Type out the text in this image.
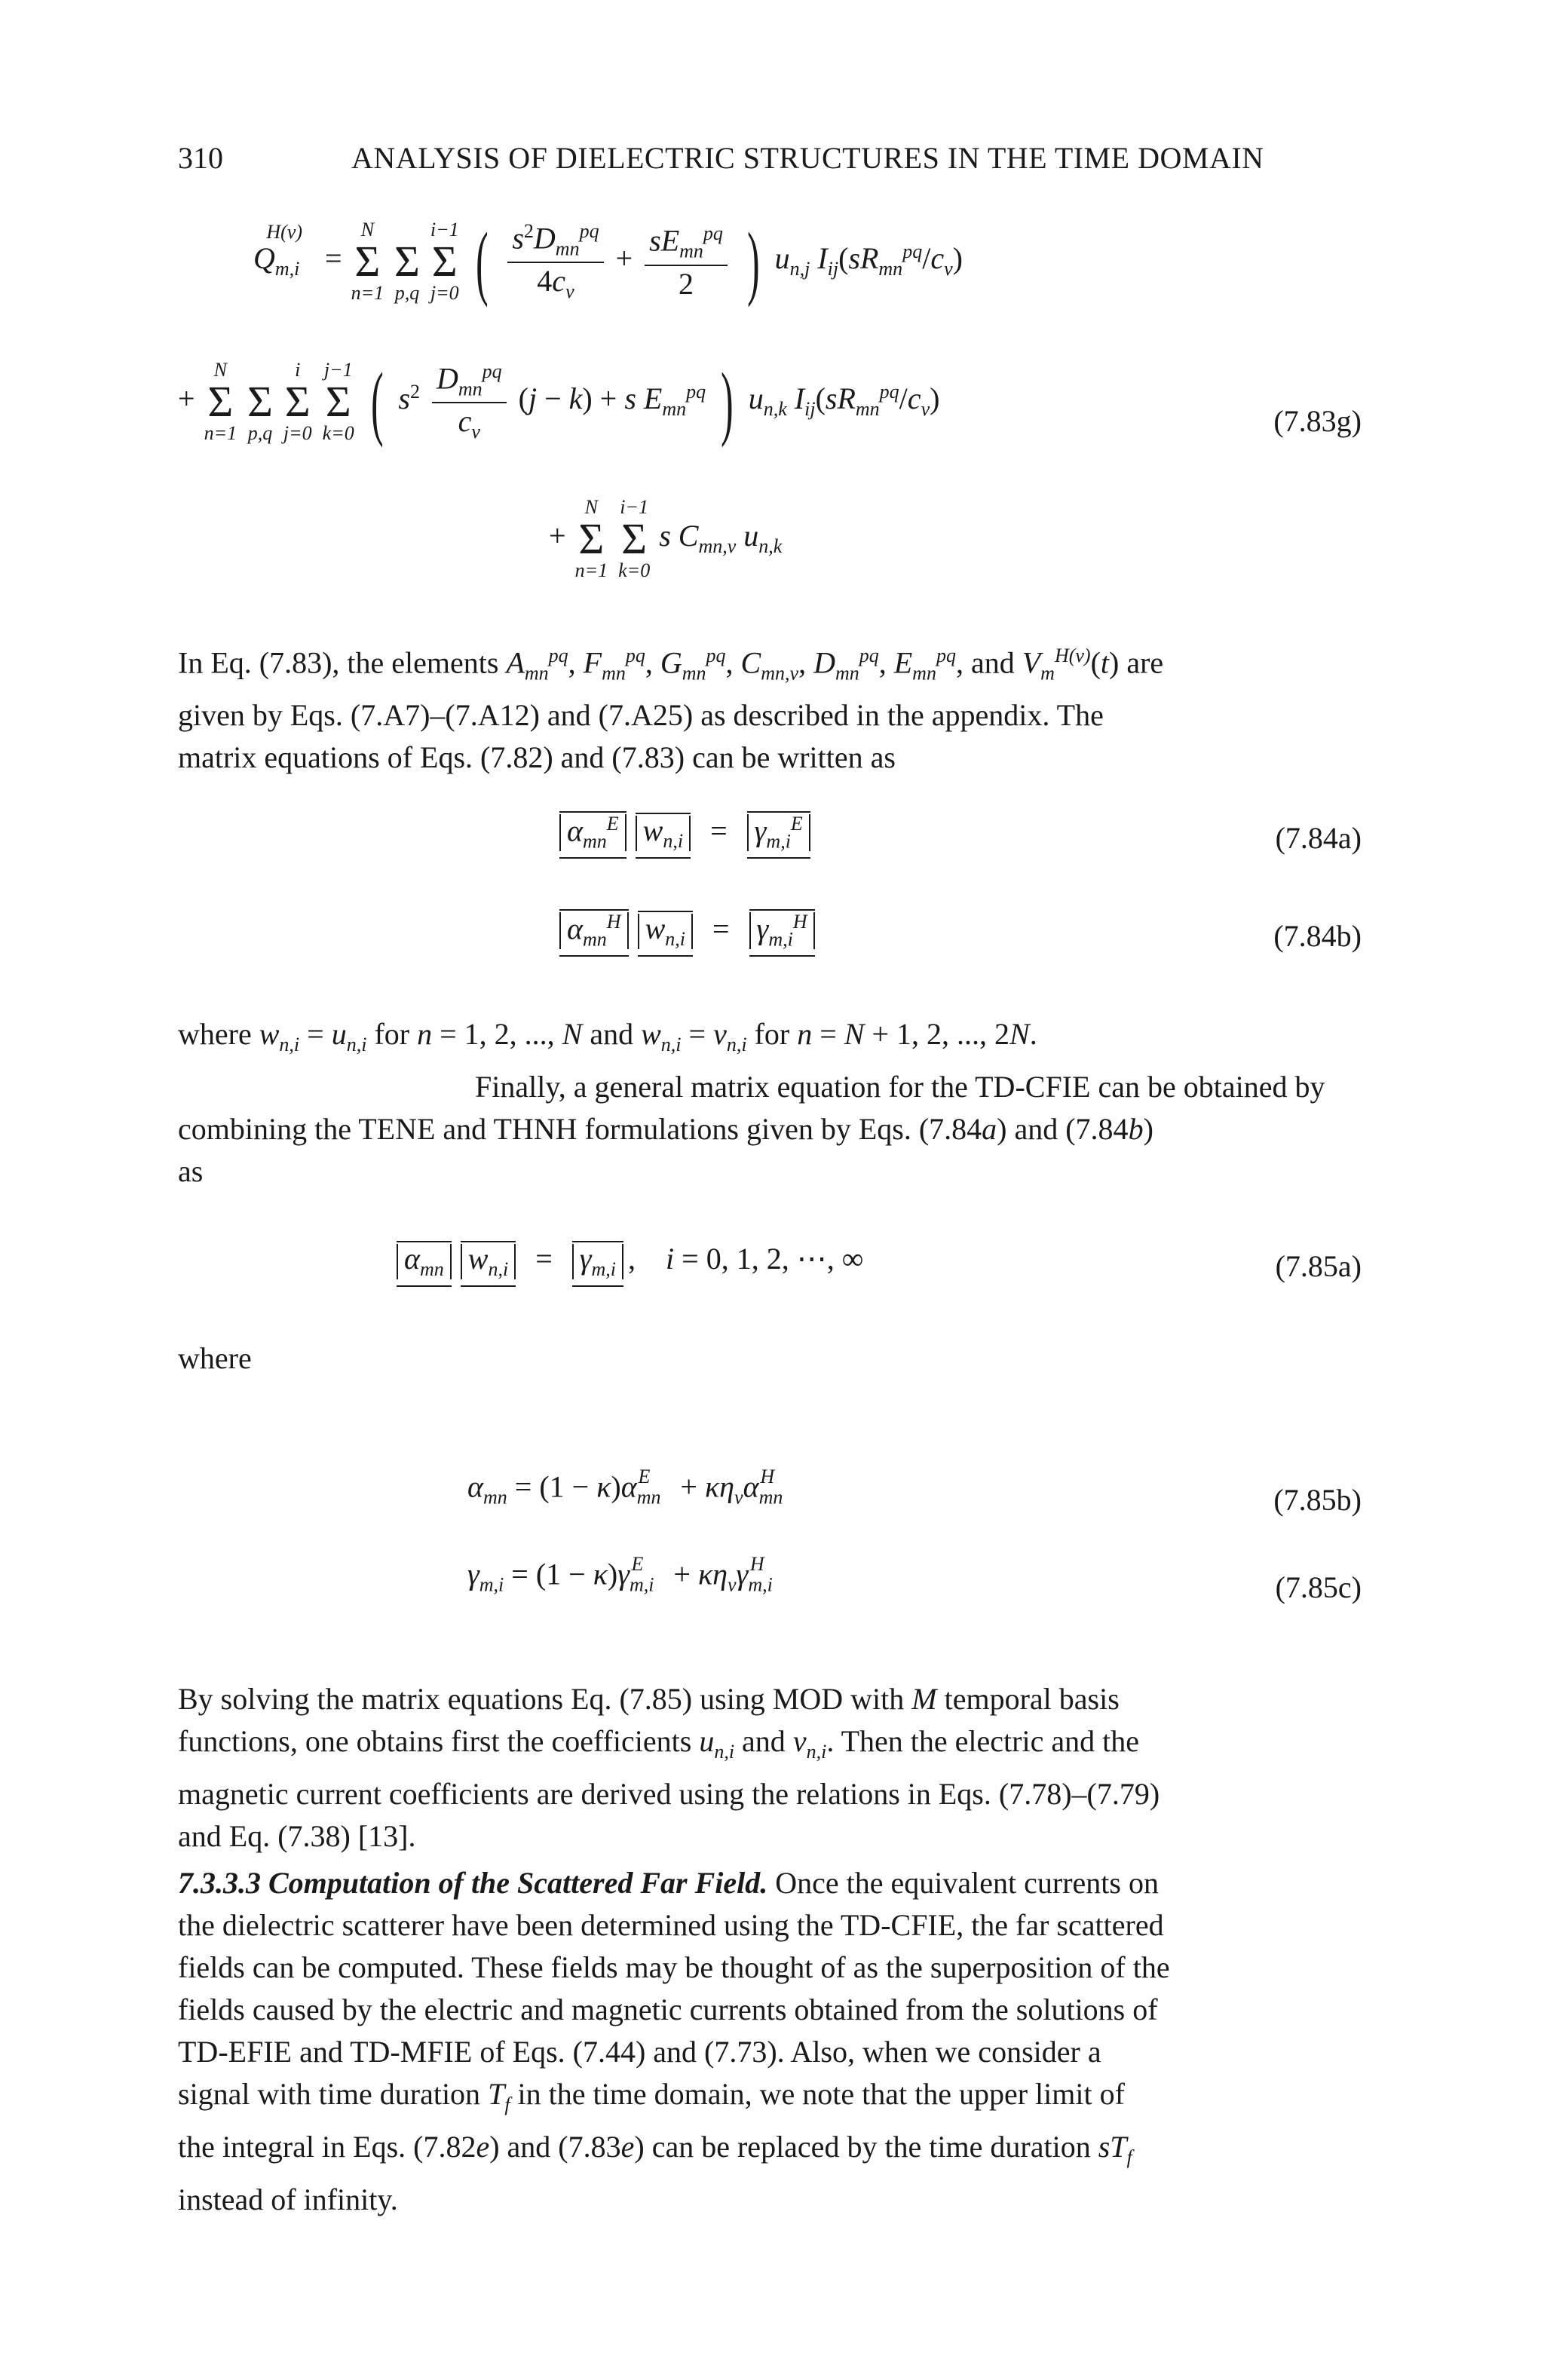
310	ANALYSIS OF DIELECTRIC STRUCTURES IN THE TIME DOMAIN
$Q_{m,i}^{H(v)}$ =
N
Σ
n=1

Σ
p,q

i−1
Σ
j=0 ( $\frac{s^2D_{mn}^{pq}}{4c_v} + \frac{sE_{mn}^{pq}}{2}$ ) $u_{n,j}$ $I_{ij}(sR_{mn}^{pq}/c_v)$
+
N
Σ
n=1

Σ
p,q

i
Σ
j=0

j−1
Σ
k=0 ( $s^2 \frac{D_{mn}^{pq}}{c_v} (j - k) + s$ $E_{mn}^{pq}$ ) $u_{n,k}$ $I_{ij}(sR_{mn}^{pq}/c_v)$
(7.83g)
+
N
Σ
n=1

i−1
Σ
k=0
s $C_{mn,v}$ $u_{n,k}$
In Eq. (7.83), the elements $A_{mn}^{pq}$, $F_{mn}^{pq}$, $G_{mn}^{pq}$, $C_{mn,v}$, $D_{mn}^{pq}$, $E_{mn}^{pq}$, and $V_m^{H(v)}(t)$ are
given by Eqs. (7.A7)–(7.A12) and (7.A25) as described in the appendix. The
matrix equations of Eqs. (7.82) and (7.83) can be written as
$\alpha_{mn}^E$ $w_{n,i} = \gamma_{m,i}^E$	(7.84a)
$\alpha_{mn}^H$ $w_{n,i} = \gamma_{m,i}^H$	(7.84b)
where $w_{n,i} = u_{n,i}$ for n = 1, 2, ..., N and $w_{n,i} = v_{n,i}$ for n = N + 1, 2, ..., 2N.
Finally, a general matrix equation for the TD-CFIE can be obtained by
combining the TENE and THNH formulations given by Eqs. (7.84a) and (7.84b)
as
$\alpha_{mn}$ $w_{n,i} = \gamma_{m,i}$ ,    i = 0, 1, 2, ⋯, ∞	(7.85a)
where
$\alpha_{mn} = (1 - \kappa)\alpha_{mn}^E + \kappa\eta_v\alpha_{mn}^H$
(7.85b)
$\gamma_{m,i} = (1 - \kappa)\gamma_{m,i}^E + \kappa\eta_v\gamma_{m,i}^H$
(7.85c)
By solving the matrix equations Eq. (7.85) using MOD with M temporal basis
functions, one obtains first the coefficients $u_{n,i}$ and $v_{n,i}$. Then the electric and the
magnetic current coefficients are derived using the relations in Eqs. (7.78)–(7.79)
and Eq. (7.38) [13].
7.3.3.3 Computation of the Scattered Far Field. Once the equivalent currents on
the dielectric scatterer have been determined using the TD-CFIE, the far scattered
fields can be computed. These fields may be thought of as the superposition of the
fields caused by the electric and magnetic currents obtained from the solutions of
TD-EFIE and TD-MFIE of Eqs. (7.44) and (7.73). Also, when we consider a
signal with time duration $T_f$ in the time domain, we note that the upper limit of
the integral in Eqs. (7.82e) and (7.83e) can be replaced by the time duration $sT_f$
instead of infinity.
